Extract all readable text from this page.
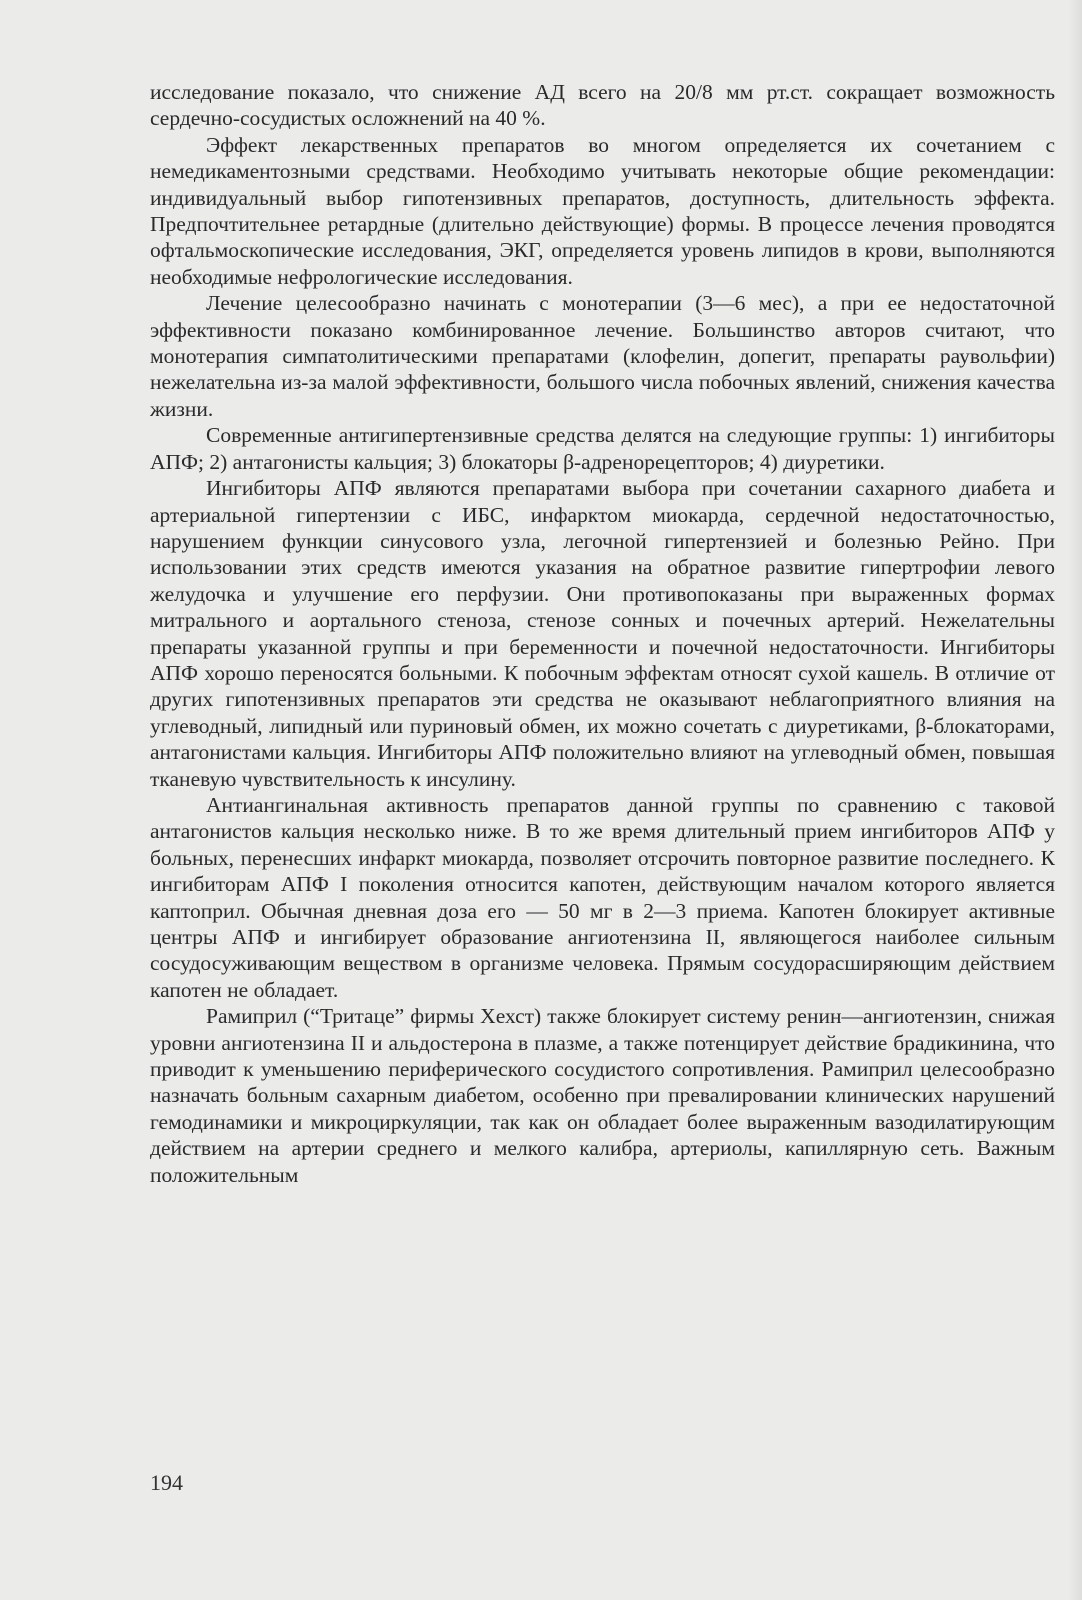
исследование показало, что снижение АД всего на 20/8 мм рт.ст. сокращает возможность сердечно-сосудистых осложнений на 40 %.

Эффект лекарственных препаратов во многом определяется их сочетанием с немедикаментозными средствами. Необходимо учитывать некоторые общие рекомендации: индивидуальный выбор гипотензивных препаратов, доступность, длительность эффекта. Предпочтительнее ретардные (длительно действующие) формы. В процессе лечения проводятся офтальмоскопические исследования, ЭКГ, определяется уровень липидов в крови, выполняются необходимые нефрологические исследования.

Лечение целесообразно начинать с монотерапии (3—6 мес), а при ее недостаточной эффективности показано комбинированное лечение. Большинство авторов считают, что монотерапия симпатолитическими препаратами (клофелин, допегит, препараты раувольфии) нежелательна из-за малой эффективности, большого числа побочных явлений, снижения качества жизни.

Современные антигипертензивные средства делятся на следующие группы: 1) ингибиторы АПФ; 2) антагонисты кальция; 3) блокаторы β-адренорецепторов; 4) диуретики.

Ингибиторы АПФ являются препаратами выбора при сочетании сахарного диабета и артериальной гипертензии с ИБС, инфарктом миокарда, сердечной недостаточностью, нарушением функции синусового узла, легочной гипертензией и болезнью Рейно. При использовании этих средств имеются указания на обратное развитие гипертрофии левого желудочка и улучшение его перфузии. Они противопоказаны при выраженных формах митрального и аортального стеноза, стенозе сонных и почечных артерий. Нежелательны препараты указанной группы и при беременности и почечной недостаточности. Ингибиторы АПФ хорошо переносятся больными. К побочным эффектам относят сухой кашель. В отличие от других гипотензивных препаратов эти средства не оказывают неблагоприятного влияния на углеводный, липидный или пуриновый обмен, их можно сочетать с диуретиками, β-блокаторами, антагонистами кальция. Ингибиторы АПФ положительно влияют на углеводный обмен, повышая тканевую чувствительность к инсулину.

Антиангинальная активность препаратов данной группы по сравнению с таковой антагонистов кальция несколько ниже. В то же время длительный прием ингибиторов АПФ у больных, перенесших инфаркт миокарда, позволяет отсрочить повторное развитие последнего. К ингибиторам АПФ I поколения относится капотен, действующим началом которого является каптоприл. Обычная дневная доза его — 50 мг в 2—3 приема. Капотен блокирует активные центры АПФ и ингибирует образование ангиотензина II, являющегося наиболее сильным сосудосуживающим веществом в организме человека. Прямым сосудорасширяющим действием капотен не обладает.

Рамиприл (“Тритаце” фирмы Хехст) также блокирует систему ренин—ангиотензин, снижая уровни ангиотензина II и альдостерона в плазме, а также потенцирует действие брадикинина, что приводит к уменьшению периферического сосудистого сопротивления. Рамиприл целесообразно назначать больным сахарным диабетом, особенно при превалировании клинических нарушений гемодинамики и микроциркуляции, так как он обладает более выраженным вазодилатирующим действием на артерии среднего и мелкого калибра, артериолы, капиллярную сеть. Важным положительным

194
